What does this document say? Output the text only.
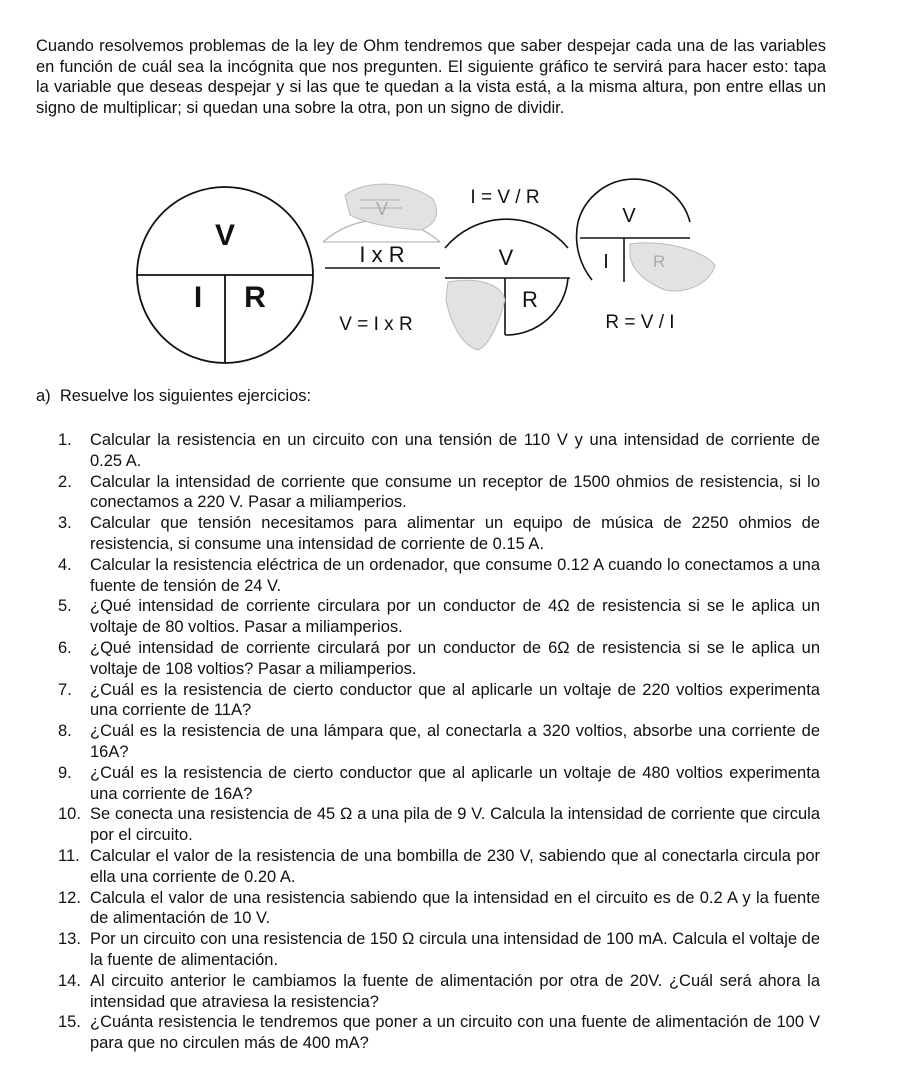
Cuando resolvemos problemas de la ley de Ohm tendremos que saber despejar cada una de las variables en función de cuál sea la incógnita que nos pregunten. El siguiente gráfico te servirá para hacer esto: tapa la variable que deseas despejar y si las que te quedan a la vista está, a la misma altura, pon entre ellas un signo de multiplicar; si quedan una sobre la otra, pon un signo de dividir.

V
I R
V
I x R
V = I x R
I = V / R
V
R
V
I	R
R = V / I

a)  Resuelve los siguientes ejercicios:

1. Calcular la resistencia en un circuito con una tensión de 110 V y una intensidad de corriente de 0.25 A.
2. Calcular la intensidad de corriente que consume un receptor de 1500 ohmios de resistencia, si lo conectamos a 220 V. Pasar a miliamperios.
3. Calcular que tensión necesitamos para alimentar un equipo de música de 2250 ohmios de resistencia, si consume una intensidad de corriente de 0.15 A.
4. Calcular la resistencia eléctrica de un ordenador, que consume 0.12 A cuando lo conectamos a una fuente de tensión de 24 V.
5. ¿Qué intensidad de corriente circulara por un conductor de 4Ω de resistencia si se le aplica un voltaje de 80 voltios. Pasar a miliamperios.
6. ¿Qué intensidad de corriente circulará por un conductor de 6Ω de resistencia si se le aplica un voltaje de 108 voltios? Pasar a miliamperios.
7. ¿Cuál es la resistencia de cierto conductor que al aplicarle un voltaje de 220 voltios experimenta una corriente de 11A?
8. ¿Cuál es la resistencia de una lámpara que, al conectarla a 320 voltios, absorbe una corriente de 16A?
9. ¿Cuál es la resistencia de cierto conductor que al aplicarle un voltaje de 480 voltios experimenta una corriente de 16A?
10. Se conecta una resistencia de 45 Ω a una pila de 9 V. Calcula la intensidad de corriente que circula por el circuito.
11. Calcular el valor de la resistencia de una bombilla de 230 V, sabiendo que al conectarla circula por ella una corriente de 0.20 A.
12. Calcula el valor de una resistencia sabiendo que la intensidad en el circuito es de 0.2 A y la fuente de alimentación de 10 V.
13. Por un circuito con una resistencia de 150 Ω circula una intensidad de 100 mA. Calcula el voltaje de la fuente de alimentación.
14. Al circuito anterior le cambiamos la fuente de alimentación por otra de 20V. ¿Cuál será ahora la intensidad que atraviesa la resistencia?
15. ¿Cuánta resistencia le tendremos que poner a un circuito con una fuente de alimentación de 100 V para que no circulen más de 400 mA?
